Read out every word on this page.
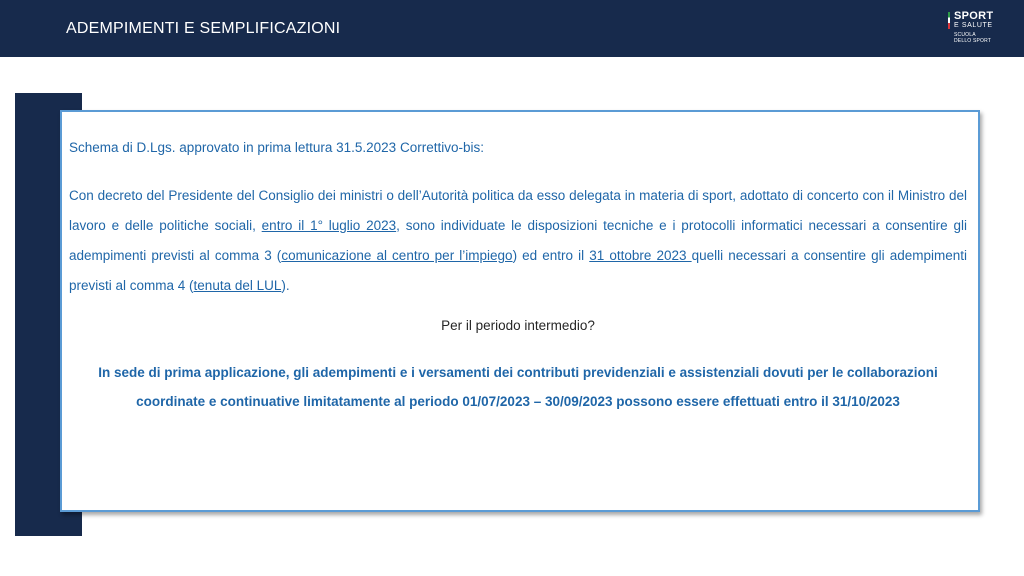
ADEMPIMENTI E SEMPLIFICAZIONI
SPORT
E SALUTE
SCUOLA
DELLO SPORT
Schema di D.Lgs. approvato in prima lettura 31.5.2023 Correttivo-bis:
Con decreto del Presidente del Consiglio dei ministri o dell’Autorità politica da esso delegata in materia di sport, adottato di concerto con il Ministro del lavoro e delle politiche sociali, entro il 1° luglio 2023, sono individuate le disposizioni tecniche e i protocolli informatici necessari a consentire gli adempimenti previsti al comma 3 (comunicazione al centro per l’impiego) ed entro il 31 ottobre 2023 quelli necessari a consentire gli adempimenti previsti al comma 4 (tenuta del LUL).
Per il periodo intermedio?
In sede di prima applicazione, gli adempimenti e i versamenti dei contributi previdenziali e assistenziali dovuti per le collaborazioni coordinate e continuative limitatamente al periodo 01/07/2023 – 30/09/2023 possono essere effettuati entro il 31/10/2023
